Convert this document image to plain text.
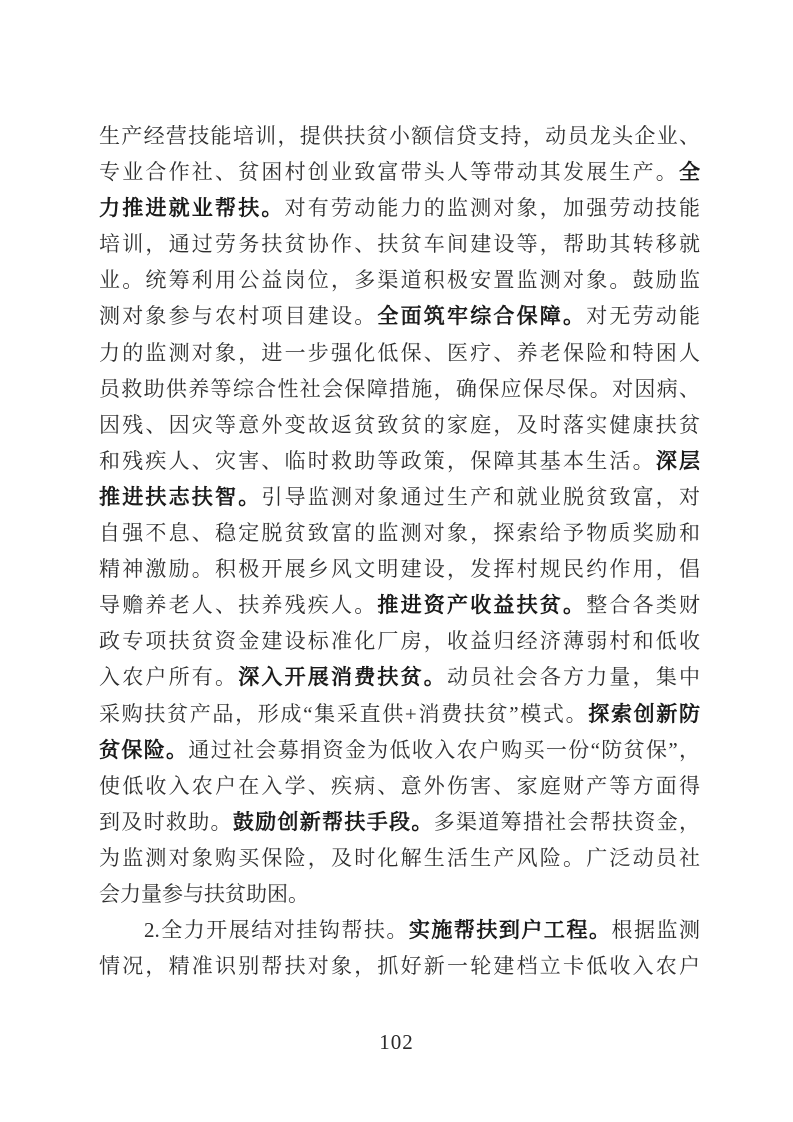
生产经营技能培训，提供扶贫小额信贷支持，动员龙头企业、
专业合作社、贫困村创业致富带头人等带动其发展生产。全
力推进就业帮扶。对有劳动能力的监测对象，加强劳动技能
培训，通过劳务扶贫协作、扶贫车间建设等，帮助其转移就
业。统筹利用公益岗位，多渠道积极安置监测对象。鼓励监
测对象参与农村项目建设。全面筑牢综合保障。对无劳动能
力的监测对象，进一步强化低保、医疗、养老保险和特困人
员救助供养等综合性社会保障措施，确保应保尽保。对因病、
因残、因灾等意外变故返贫致贫的家庭，及时落实健康扶贫
和残疾人、灾害、临时救助等政策，保障其基本生活。深层
推进扶志扶智。引导监测对象通过生产和就业脱贫致富，对
自强不息、稳定脱贫致富的监测对象，探索给予物质奖励和
精神激励。积极开展乡风文明建设，发挥村规民约作用，倡
导赡养老人、扶养残疾人。推进资产收益扶贫。整合各类财
政专项扶贫资金建设标准化厂房，收益归经济薄弱村和低收
入农户所有。深入开展消费扶贫。动员社会各方力量，集中
采购扶贫产品，形成“集采直供+消费扶贫”模式。探索创新防
贫保险。通过社会募捐资金为低收入农户购买一份“防贫保”，
使低收入农户在入学、疾病、意外伤害、家庭财产等方面得
到及时救助。鼓励创新帮扶手段。多渠道筹措社会帮扶资金，
为监测对象购买保险，及时化解生活生产风险。广泛动员社
会力量参与扶贫助困。
2.全力开展结对挂钩帮扶。实施帮扶到户工程。根据监测
情况，精准识别帮扶对象，抓好新一轮建档立卡低收入农户
102
